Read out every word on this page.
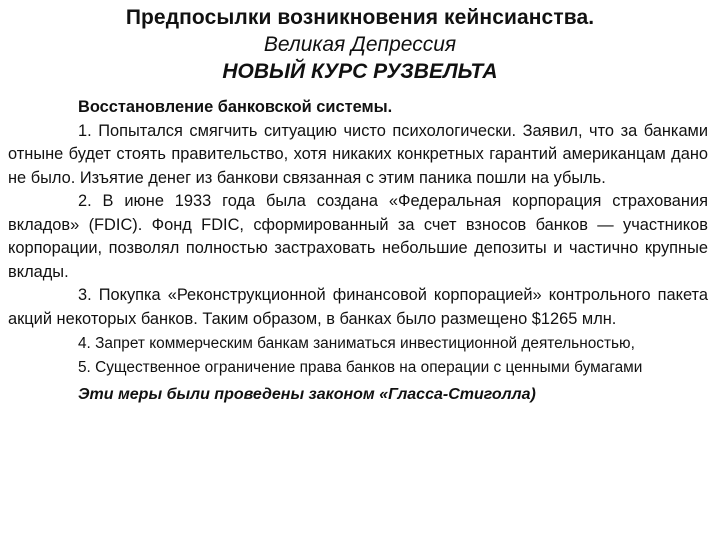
Предпосылки возникновения кейнсианства.
Великая Депрессия
НОВЫЙ КУРС РУЗВЕЛЬТА
Восстановление банковской системы.

1. Попытался смягчить ситуацию чисто психологически. Заявил, что за банками отныне будет стоять правительство, хотя никаких конкретных гарантий американцам дано не было. Изъятие денег из банкови связанная с этим паника пошли на убыль.

2. В июне 1933 года была создана «Федеральная корпорация страхования вкладов» (FDIC). Фонд FDIC, сформированный за счет взносов банков — участников корпорации, позволял полностью застраховать небольшие депозиты и частично крупные вклады.

3. Покупка «Реконструкционной финансовой корпорацией» контрольного пакета акций некоторых банков. Таким образом, в банках было размещено $1265 млн.

4. Запрет коммерческим банкам заниматься инвестиционной деятельностью,

5. Существенное ограничение права банков на операции с ценными бумагами

Эти меры были проведены законом «Гласса-Стиголла)
